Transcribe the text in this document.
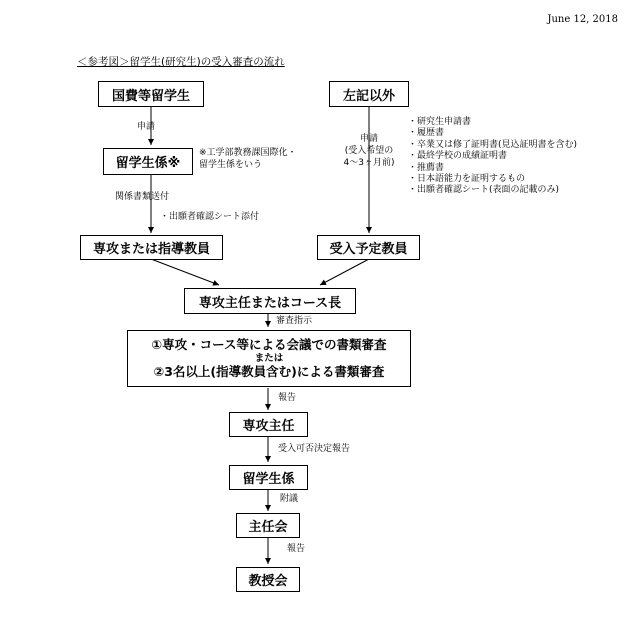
June 12, 2018
＜参考図＞留学生(研究生)の受入審査の流れ
国費等留学生	左記以外
留学生係※
専攻または指導教員	受入予定教員
専攻主任またはコース長
①専攻・コース等による会議での書類審査
または
②3名以上(指導教員含む)による書類審査
専攻主任
留学生係
主任会
教授会
申請
※工学部教務課国際化・
留学生係をいう
申請
(受入希望の
4～3ヶ月前)
・研究生申請書
・履歴書
・卒業又は修了証明書(見込証明書を含む)
・最終学校の成績証明書
・推薦書
・日本語能力を証明するもの
・出願者確認シート(表面の記載のみ)
関係書類送付
・出願者確認シート添付
審査指示
報告
受入可否決定報告
附議
報告
